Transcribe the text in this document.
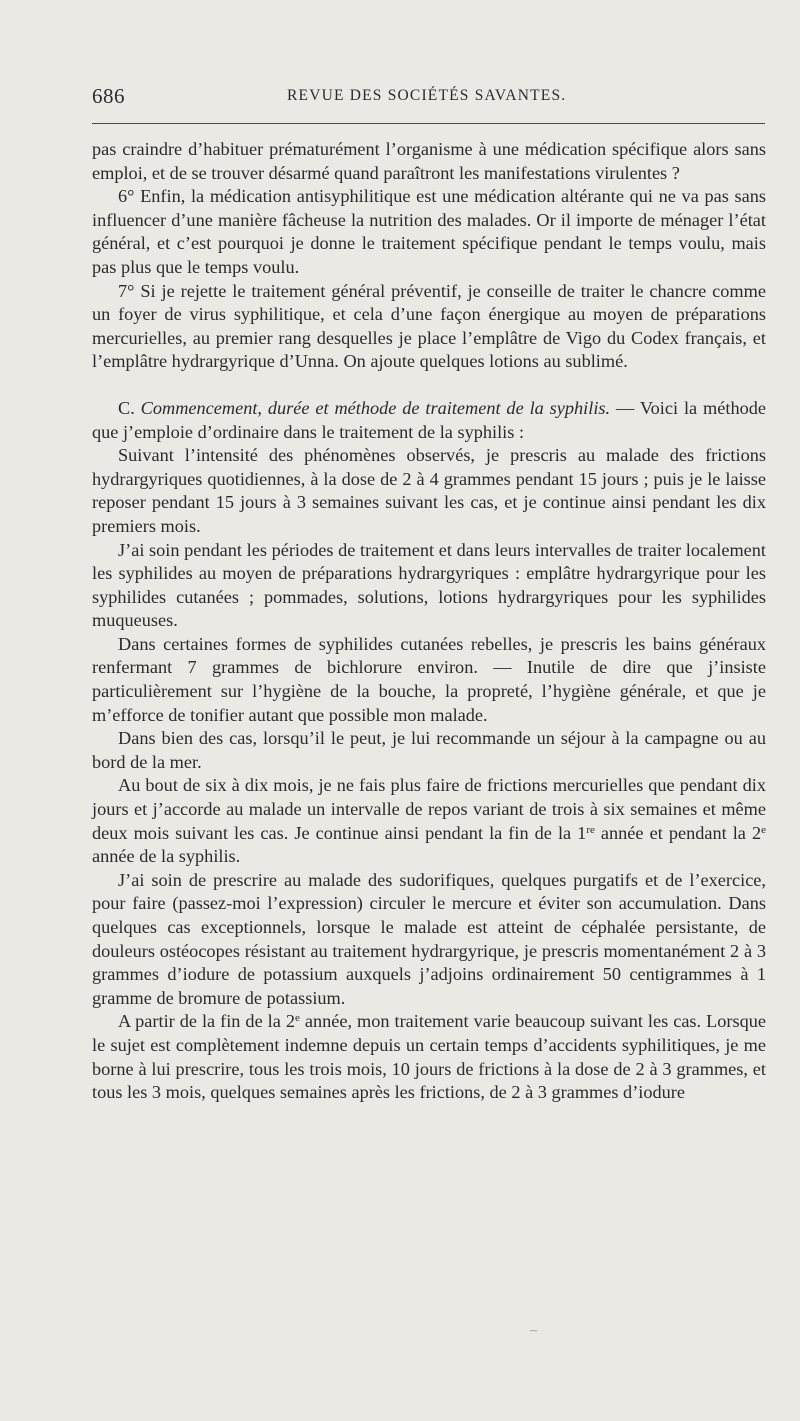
686	REVUE DES SOCIÉTÉS SAVANTES.

pas craindre d’habituer prématurément l’organisme à une médication spécifique alors sans emploi, et de se trouver désarmé quand paraîtront les manifestations virulentes ?

6° Enfin, la médication antisyphilitique est une médication altérante qui ne va pas sans influencer d’une manière fâcheuse la nutrition des malades. Or il importe de ménager l’état général, et c’est pourquoi je donne le traitement spécifique pendant le temps voulu, mais pas plus que le temps voulu.

7° Si je rejette le traitement général préventif, je conseille de traiter le chancre comme un foyer de virus syphilitique, et cela d’une façon énergique au moyen de préparations mercurielles, au premier rang desquelles je place l’emplâtre de Vigo du Codex français, et l’emplâtre hydrargyrique d’Unna. On ajoute quelques lotions au sublimé.

C. Commencement, durée et méthode de traitement de la syphilis. — Voici la méthode que j’emploie d’ordinaire dans le traitement de la syphilis :

Suivant l’intensité des phénomènes observés, je prescris au malade des frictions hydrargyriques quotidiennes, à la dose de 2 à 4 grammes pendant 15 jours ; puis je le laisse reposer pendant 15 jours à 3 semaines suivant les cas, et je continue ainsi pendant les dix premiers mois.

J’ai soin pendant les périodes de traitement et dans leurs intervalles de traiter localement les syphilides au moyen de préparations hydrargyriques : emplâtre hydrargyrique pour les syphilides cutanées ; pommades, solutions, lotions hydrargyriques pour les syphilides muqueuses.

Dans certaines formes de syphilides cutanées rebelles, je prescris les bains généraux renfermant 7 grammes de bichlorure environ. — Inutile de dire que j’insiste particulièrement sur l’hygiène de la bouche, la propreté, l’hygiène générale, et que je m’efforce de tonifier autant que possible mon malade.

Dans bien des cas, lorsqu’il le peut, je lui recommande un séjour à la campagne ou au bord de la mer.

Au bout de six à dix mois, je ne fais plus faire de frictions mercurielles que pendant dix jours et j’accorde au malade un intervalle de repos variant de trois à six semaines et même deux mois suivant les cas. Je continue ainsi pendant la fin de la 1re année et pendant la 2e année de la syphilis.

J’ai soin de prescrire au malade des sudorifiques, quelques purgatifs et de l’exercice, pour faire (passez-moi l’expression) circuler le mercure et éviter son accumulation. Dans quelques cas exceptionnels, lorsque le malade est atteint de céphalée persistante, de douleurs ostéocopes résistant au traitement hydrargyrique, je prescris momentanément 2 à 3 grammes d’iodure de potassium auxquels j’adjoins ordinairement 50 centigrammes à 1 gramme de bromure de potassium.

A partir de la fin de la 2e année, mon traitement varie beaucoup suivant les cas. Lorsque le sujet est complètement indemne depuis un certain temps d’accidents syphilitiques, je me borne à lui prescrire, tous les trois mois, 10 jours de frictions à la dose de 2 à 3 grammes, et tous les 3 mois, quelques semaines après les frictions, de 2 à 3 grammes d’iodure

–
